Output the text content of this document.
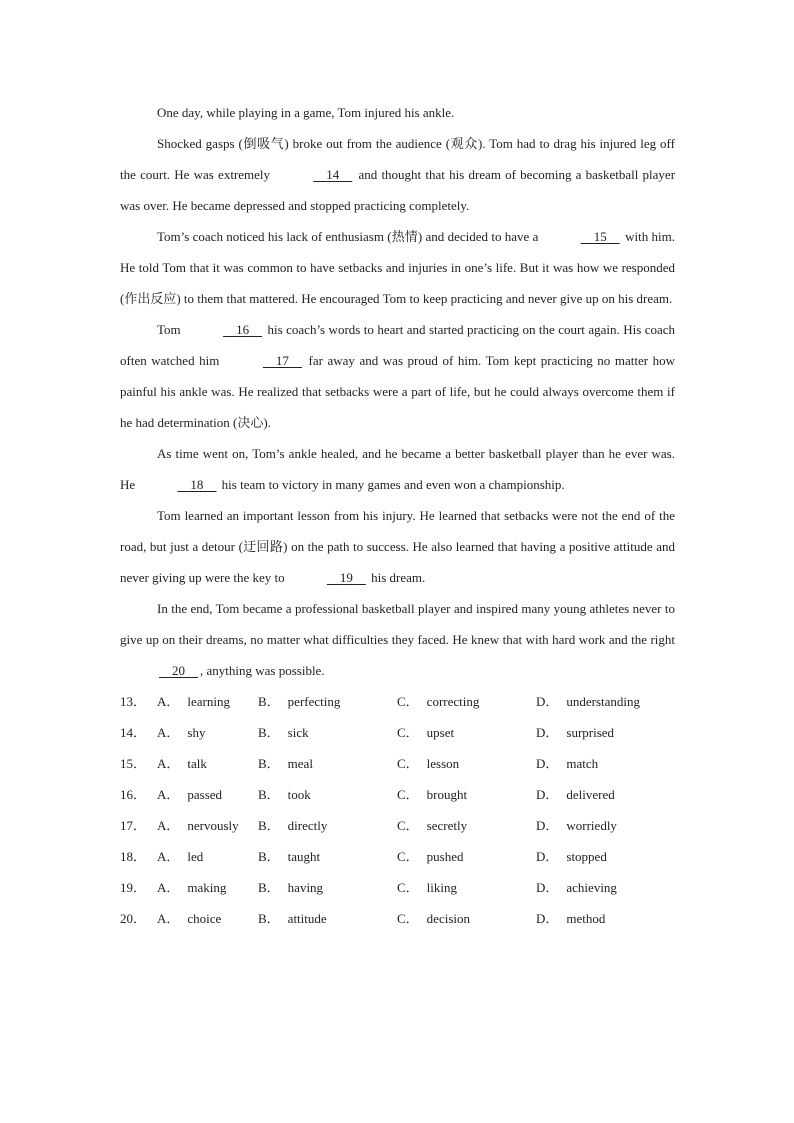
One day, while playing in a game, Tom injured his ankle.

Shocked gasps (倒吸气) broke out from the audience (观众). Tom had to drag his injured leg off the court. He was extremely	14 and thought that his dream of becoming a basketball player was over. He became depressed and stopped practicing completely.

Tom’s coach noticed his lack of enthusiasm (热情) and decided to have a	15 with him. He told Tom that it was common to have setbacks and injuries in one’s life. But it was how we responded (作出反应) to them that mattered. He encouraged Tom to keep practicing and never give up on his dream.

Tom	16 his coach’s words to heart and started practicing on the court again. His coach often watched him	17 far away and was proud of him. Tom kept practicing no matter how painful his ankle was. He realized that setbacks were a part of life, but he could always overcome them if he had determination (决心).

As time went on, Tom’s ankle healed, and he became a better basketball player than he ever was. He	18 his team to victory in many games and even won a championship.

Tom learned an important lesson from his injury. He learned that setbacks were not the end of the road, but just a detour (迂回路) on the path to success. He also learned that having a positive attitude and never giving up were the key to	19 his dream.

In the end, Tom became a professional basketball player and inspired many young athletes never to give up on their dreams, no matter what difficulties they faced. He knew that with hard work and the right     20 , anything was possible.

13． A． learning B． perfecting	C． correcting	D． understanding
14． A． shy	B． sick	C． upset	D． surprised
15． A． talk	B． meal	C． lesson	D． match
16． A． passed	B． took	C． brought	D． delivered
17． A． nervously B． directly	C． secretly	D． worriedly
18． A． led	B． taught	C． pushed	D． stopped
19． A． making B． having	C． liking	D． achieving
20． A． choice	B． attitude	C． decision	D． method
